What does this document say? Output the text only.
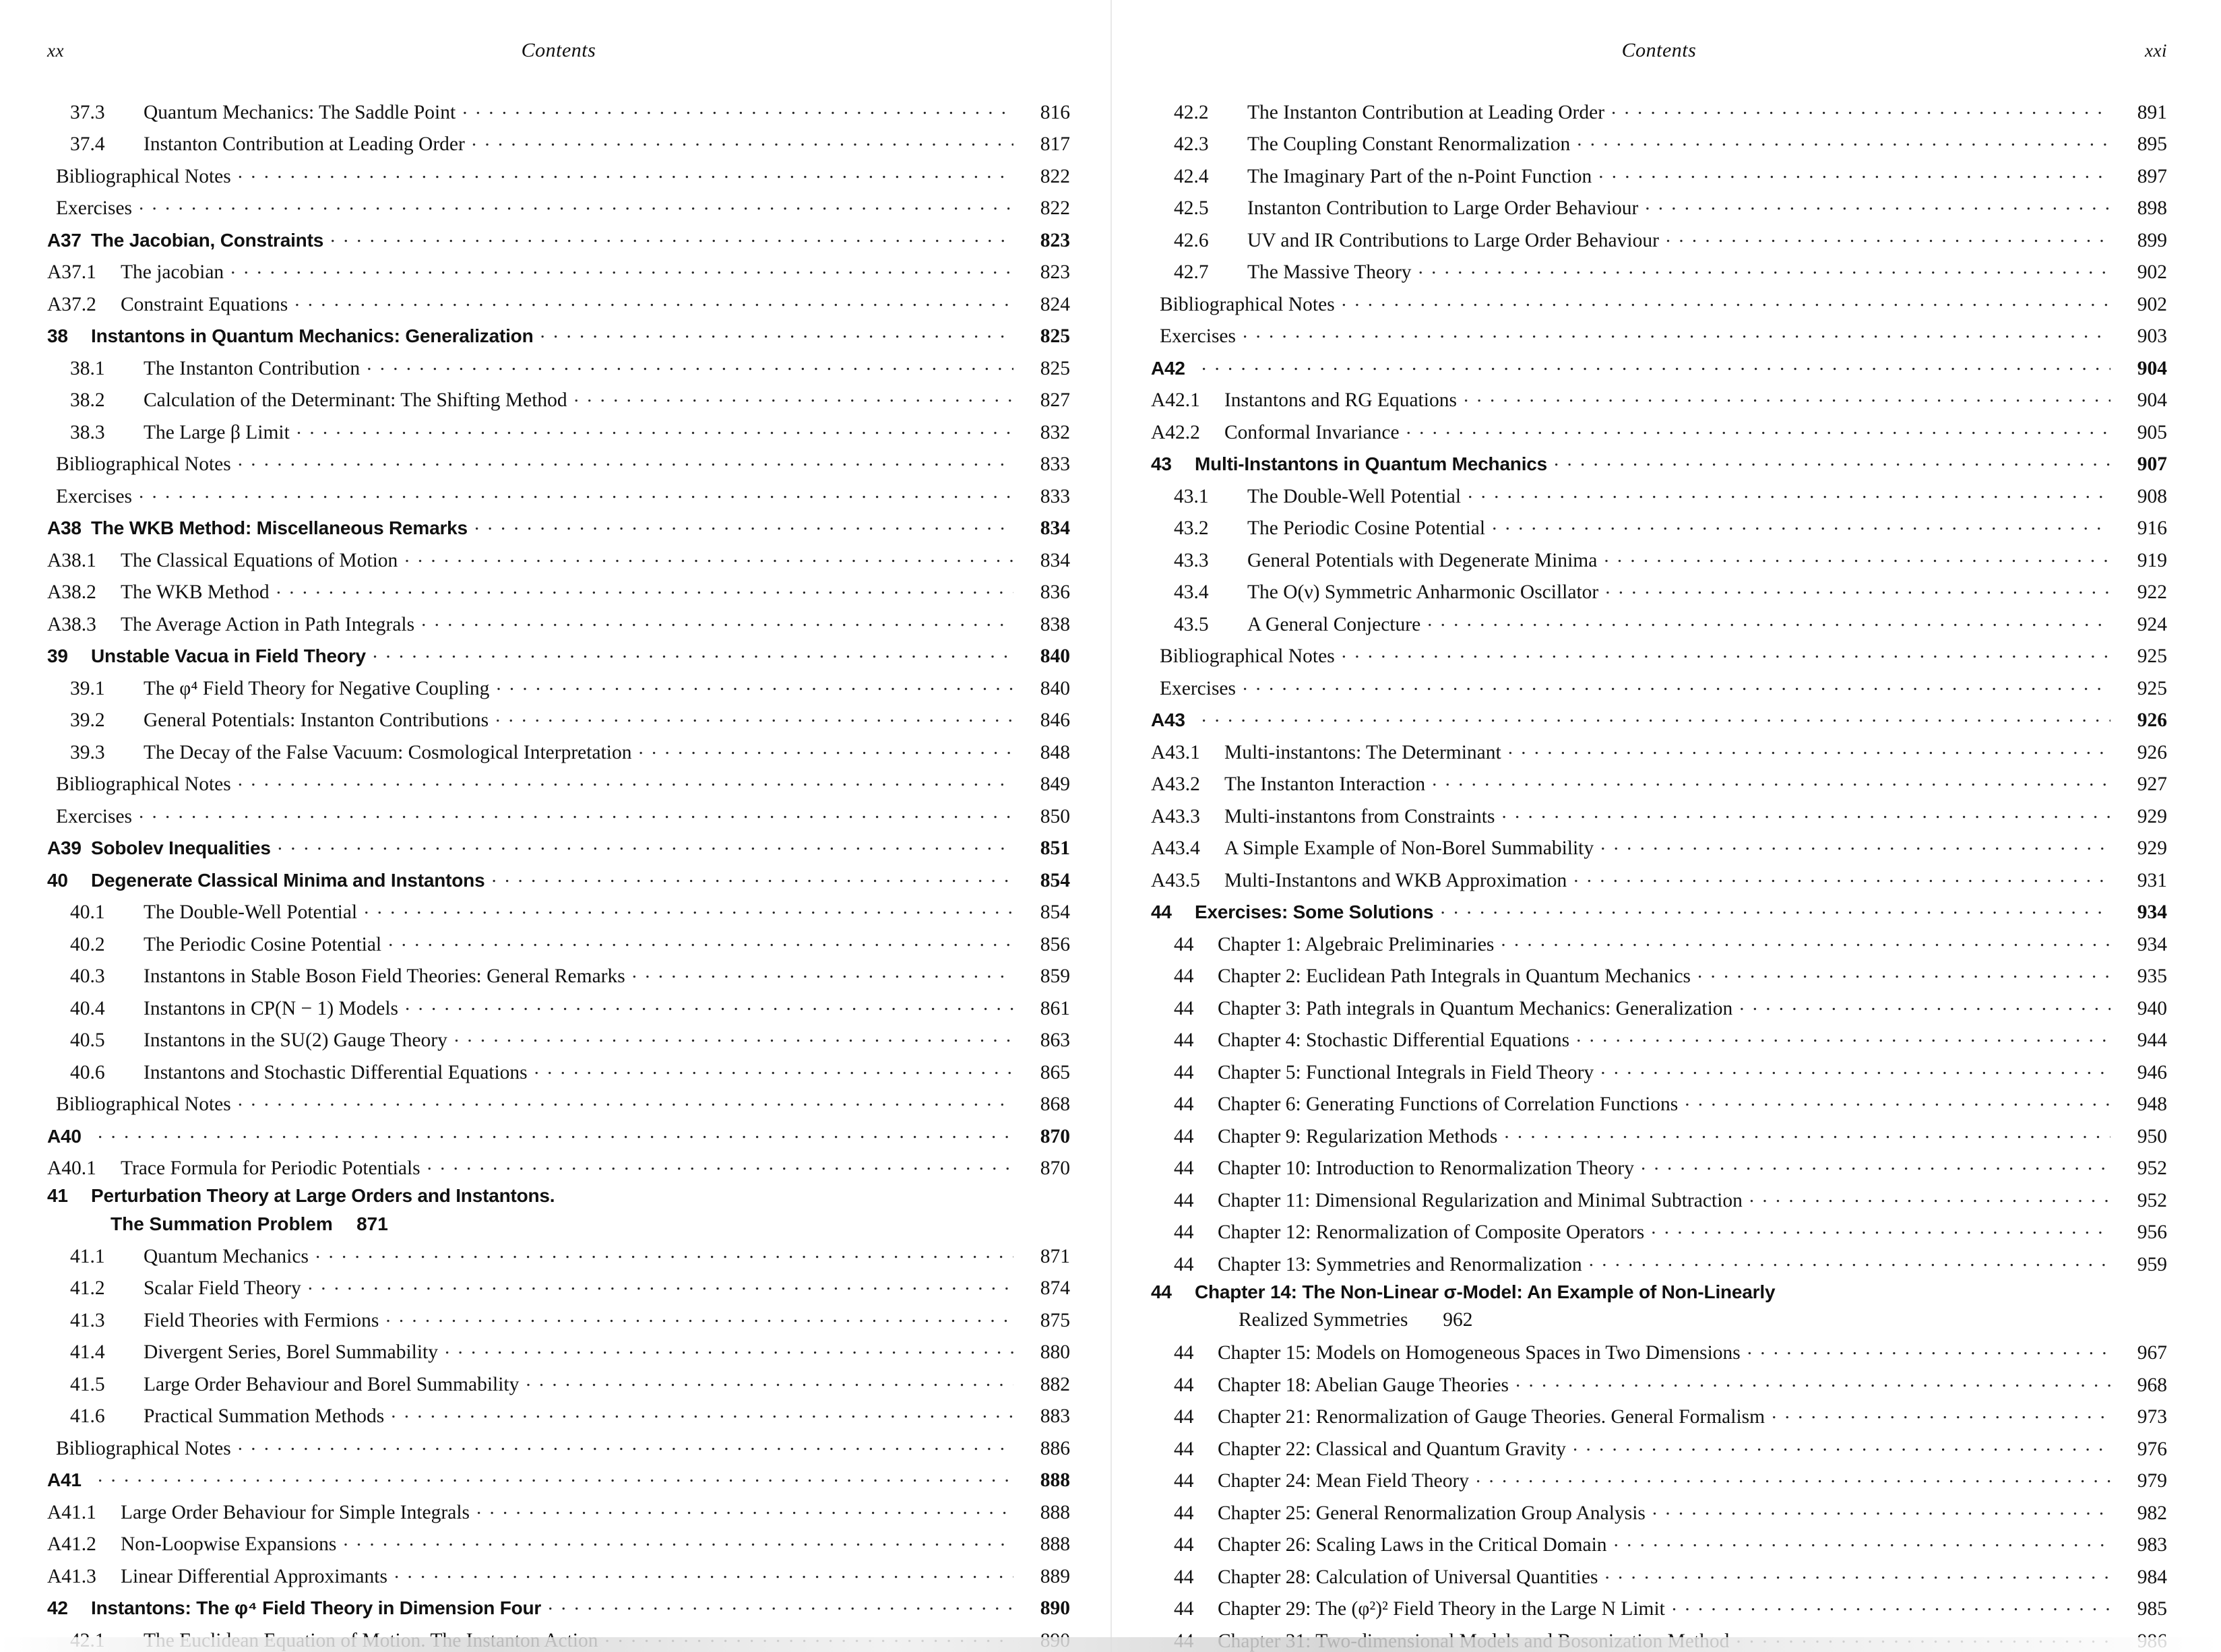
xx	Contents
37.3	Quantum Mechanics: The Saddle Point . . .	816
37.4	Instanton Contribution at Leading Order . . .	817
Bibliographical Notes . . .	822
Exercises . . .	822
A37 The Jacobian, Constraints . . .	823
A37.1	The jacobian . . .	823
A37.2	Constraint Equations . . .	824
38	Instantons in Quantum Mechanics: Generalization . . .	825
38.1	The Instanton Contribution . . .	825
38.2	Calculation of the Determinant: The Shifting Method . . .	827
38.3	The Large β Limit . . .	832
Bibliographical Notes . . .	833
Exercises . . .	833
A38 The WKB Method: Miscellaneous Remarks . . .	834
A38.1	The Classical Equations of Motion . . .	834
A38.2	The WKB Method . . .	836
A38.3	The Average Action in Path Integrals . . .	838
39	Unstable Vacua in Field Theory . . .	840
39.1	The φ⁴ Field Theory for Negative Coupling . . .	840
39.2	General Potentials: Instanton Contributions . . .	846
39.3	The Decay of the False Vacuum: Cosmological Interpretation . . .	848
Bibliographical Notes . . .	849
Exercises . . .	850
A39 Sobolev Inequalities . . .	851
40	Degenerate Classical Minima and Instantons . . .	854
40.1	The Double-Well Potential . . .	854
40.2	The Periodic Cosine Potential . . .	856
40.3	Instantons in Stable Boson Field Theories: General Remarks . . .	859
40.4	Instantons in CP(N − 1) Models . . .	861
40.5	Instantons in the SU(2) Gauge Theory . . .	863
40.6	Instantons and Stochastic Differential Equations . . .	865
Bibliographical Notes . . .	868
A40 . . .	870
A40.1	Trace Formula for Periodic Potentials . . .	870
41	Perturbation Theory at Large Orders and Instantons.
The Summation Problem	871
41.1	Quantum Mechanics . . .	871
41.2	Scalar Field Theory . . .	874
41.3	Field Theories with Fermions . . .	875
41.4	Divergent Series, Borel Summability . . .	880
41.5	Large Order Behaviour and Borel Summability . . .	882
41.6	Practical Summation Methods . . .	883
Bibliographical Notes . . .	886
A41 . . .	888
A41.1	Large Order Behaviour for Simple Integrals . . .	888
A41.2	Non-Loopwise Expansions . . .	888
A41.3	Linear Differential Approximants . . .	889
42	Instantons: The φ⁴ Field Theory in Dimension Four . . .	890
. . .
Contents	xxi
42.2	The Instanton Contribution at Leading Order . . .	891
42.3	The Coupling Constant Renormalization . . .	895
42.4	The Imaginary Part of the n-Point Function . . .	897
42.5	Instanton Contribution to Large Order Behaviour . . .	898
42.6	UV and IR Contributions to Large Order Behaviour . . .	899
42.7	The Massive Theory . . .	902
Bibliographical Notes . . .	902
Exercises . . .	903
A42 . . .	904
A42.1	Instantons and RG Equations . . .	904
A42.2	Conformal Invariance . . .	905
43	Multi-Instantons in Quantum Mechanics . . .	907
43.1	The Double-Well Potential . . .	908
43.2	The Periodic Cosine Potential . . .	916
43.3	General Potentials with Degenerate Minima . . .	919
43.4	The O(ν) Symmetric Anharmonic Oscillator . . .	922
43.5	A General Conjecture . . .	924
Bibliographical Notes . . .	925
Exercises . . .	925
A43 . . .	926
A43.1	Multi-instantons: The Determinant . . .	926
A43.2	The Instanton Interaction . . .	927
A43.3	Multi-instantons from Constraints . . .	929
A43.4	A Simple Example of Non-Borel Summability . . .	929
A43.5	Multi-Instantons and WKB Approximation . . .	931
44	Exercises: Some Solutions . . .	934
44	Chapter 1: Algebraic Preliminaries . . .	934
44	Chapter 2: Euclidean Path Integrals in Quantum Mechanics . . .	935
44	Chapter 3: Path integrals in Quantum Mechanics: Generalization . . .	940
44	Chapter 4: Stochastic Differential Equations . . .	944
44	Chapter 5: Functional Integrals in Field Theory . . .	946
44	Chapter 6: Generating Functions of Correlation Functions . . .	948
44	Chapter 9: Regularization Methods . . .	950
44	Chapter 10: Introduction to Renormalization Theory . . .	952
44	Chapter 11: Dimensional Regularization and Minimal Subtraction . . .	952
44	Chapter 12: Renormalization of Composite Operators . . .	956
44	Chapter 13: Symmetries and Renormalization . . .	959
44	Chapter 14: The Non-Linear σ-Model: An Example of Non-Linearly
Realized Symmetries	962
44	Chapter 15: Models on Homogeneous Spaces in Two Dimensions . . .	967
44	Chapter 18: Abelian Gauge Theories . . .	968
44	Chapter 21: Renormalization of Gauge Theories. General Formalism . . .	973
44	Chapter 22: Classical and Quantum Gravity . . .	976
44	Chapter 24: Mean Field Theory . . .	979
44	Chapter 25: General Renormalization Group Analysis . . .	982
44	Chapter 26: Scaling Laws in the Critical Domain . . .	983
44	Chapter 28: Calculation of Universal Quantities . . .	984
44	Chapter 29: The (φ²)² Field Theory in the Large N Limit . . .	985
. . .
